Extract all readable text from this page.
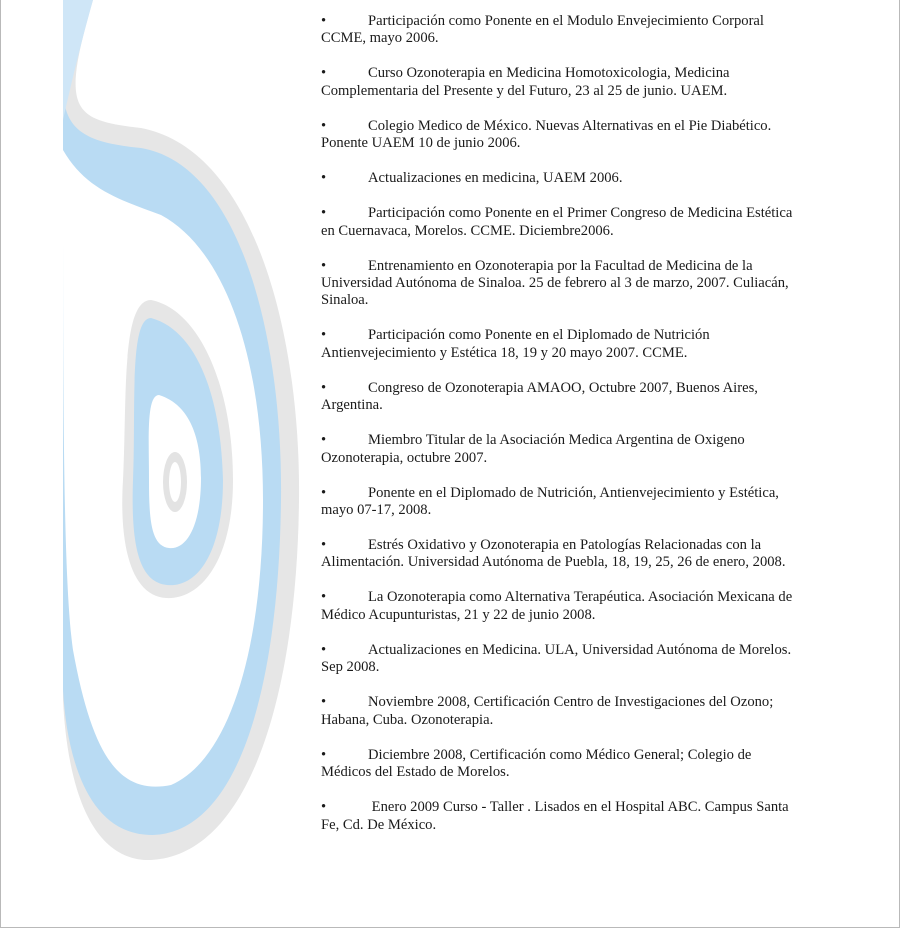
•	Participación como Ponente en el Modulo Envejecimiento Corporal CCME, mayo 2006.
•	Curso Ozonoterapia en Medicina Homotoxicologia, Medicina Complementaria del Presente y del Futuro, 23 al 25 de junio. UAEM.
•	Colegio Medico de México. Nuevas Alternativas en el Pie Diabético. Ponente UAEM 10 de junio 2006.
•	Actualizaciones en medicina, UAEM 2006.
•	Participación como Ponente en el Primer Congreso de Medicina Estética en Cuernavaca, Morelos. CCME. Diciembre2006.
•	Entrenamiento en Ozonoterapia por la Facultad de Medicina de la Universidad Autónoma de Sinaloa. 25 de febrero al 3 de marzo, 2007. Culiacán, Sinaloa.
•	Participación como Ponente en el Diplomado de Nutrición Antienvejecimiento y Estética 18, 19 y 20 mayo 2007. CCME.
•	Congreso de Ozonoterapia AMAOO, Octubre 2007, Buenos Aires, Argentina.
•	Miembro Titular de la Asociación Medica Argentina de Oxigeno Ozonoterapia, octubre 2007.
•	Ponente en el Diplomado de Nutrición, Antienvejecimiento y Estética, mayo 07-17, 2008.
•	Estrés Oxidativo y Ozonoterapia en Patologías Relacionadas con la Alimentación. Universidad Autónoma de Puebla, 18, 19, 25, 26 de enero, 2008.
•	La Ozonoterapia como Alternativa Terapéutica. Asociación Mexicana de Médico Acupunturistas, 21 y 22 de junio 2008.
•	Actualizaciones en Medicina. ULA, Universidad Autónoma de Morelos. Sep 2008.
•	Noviembre 2008, Certificación Centro de Investigaciones del Ozono; Habana, Cuba. Ozonoterapia.
•	Diciembre 2008, Certificación como Médico General; Colegio de Médicos del Estado de Morelos.
•	Enero 2009 Curso - Taller . Lisados en el Hospital ABC. Campus Santa Fe, Cd. De México.
